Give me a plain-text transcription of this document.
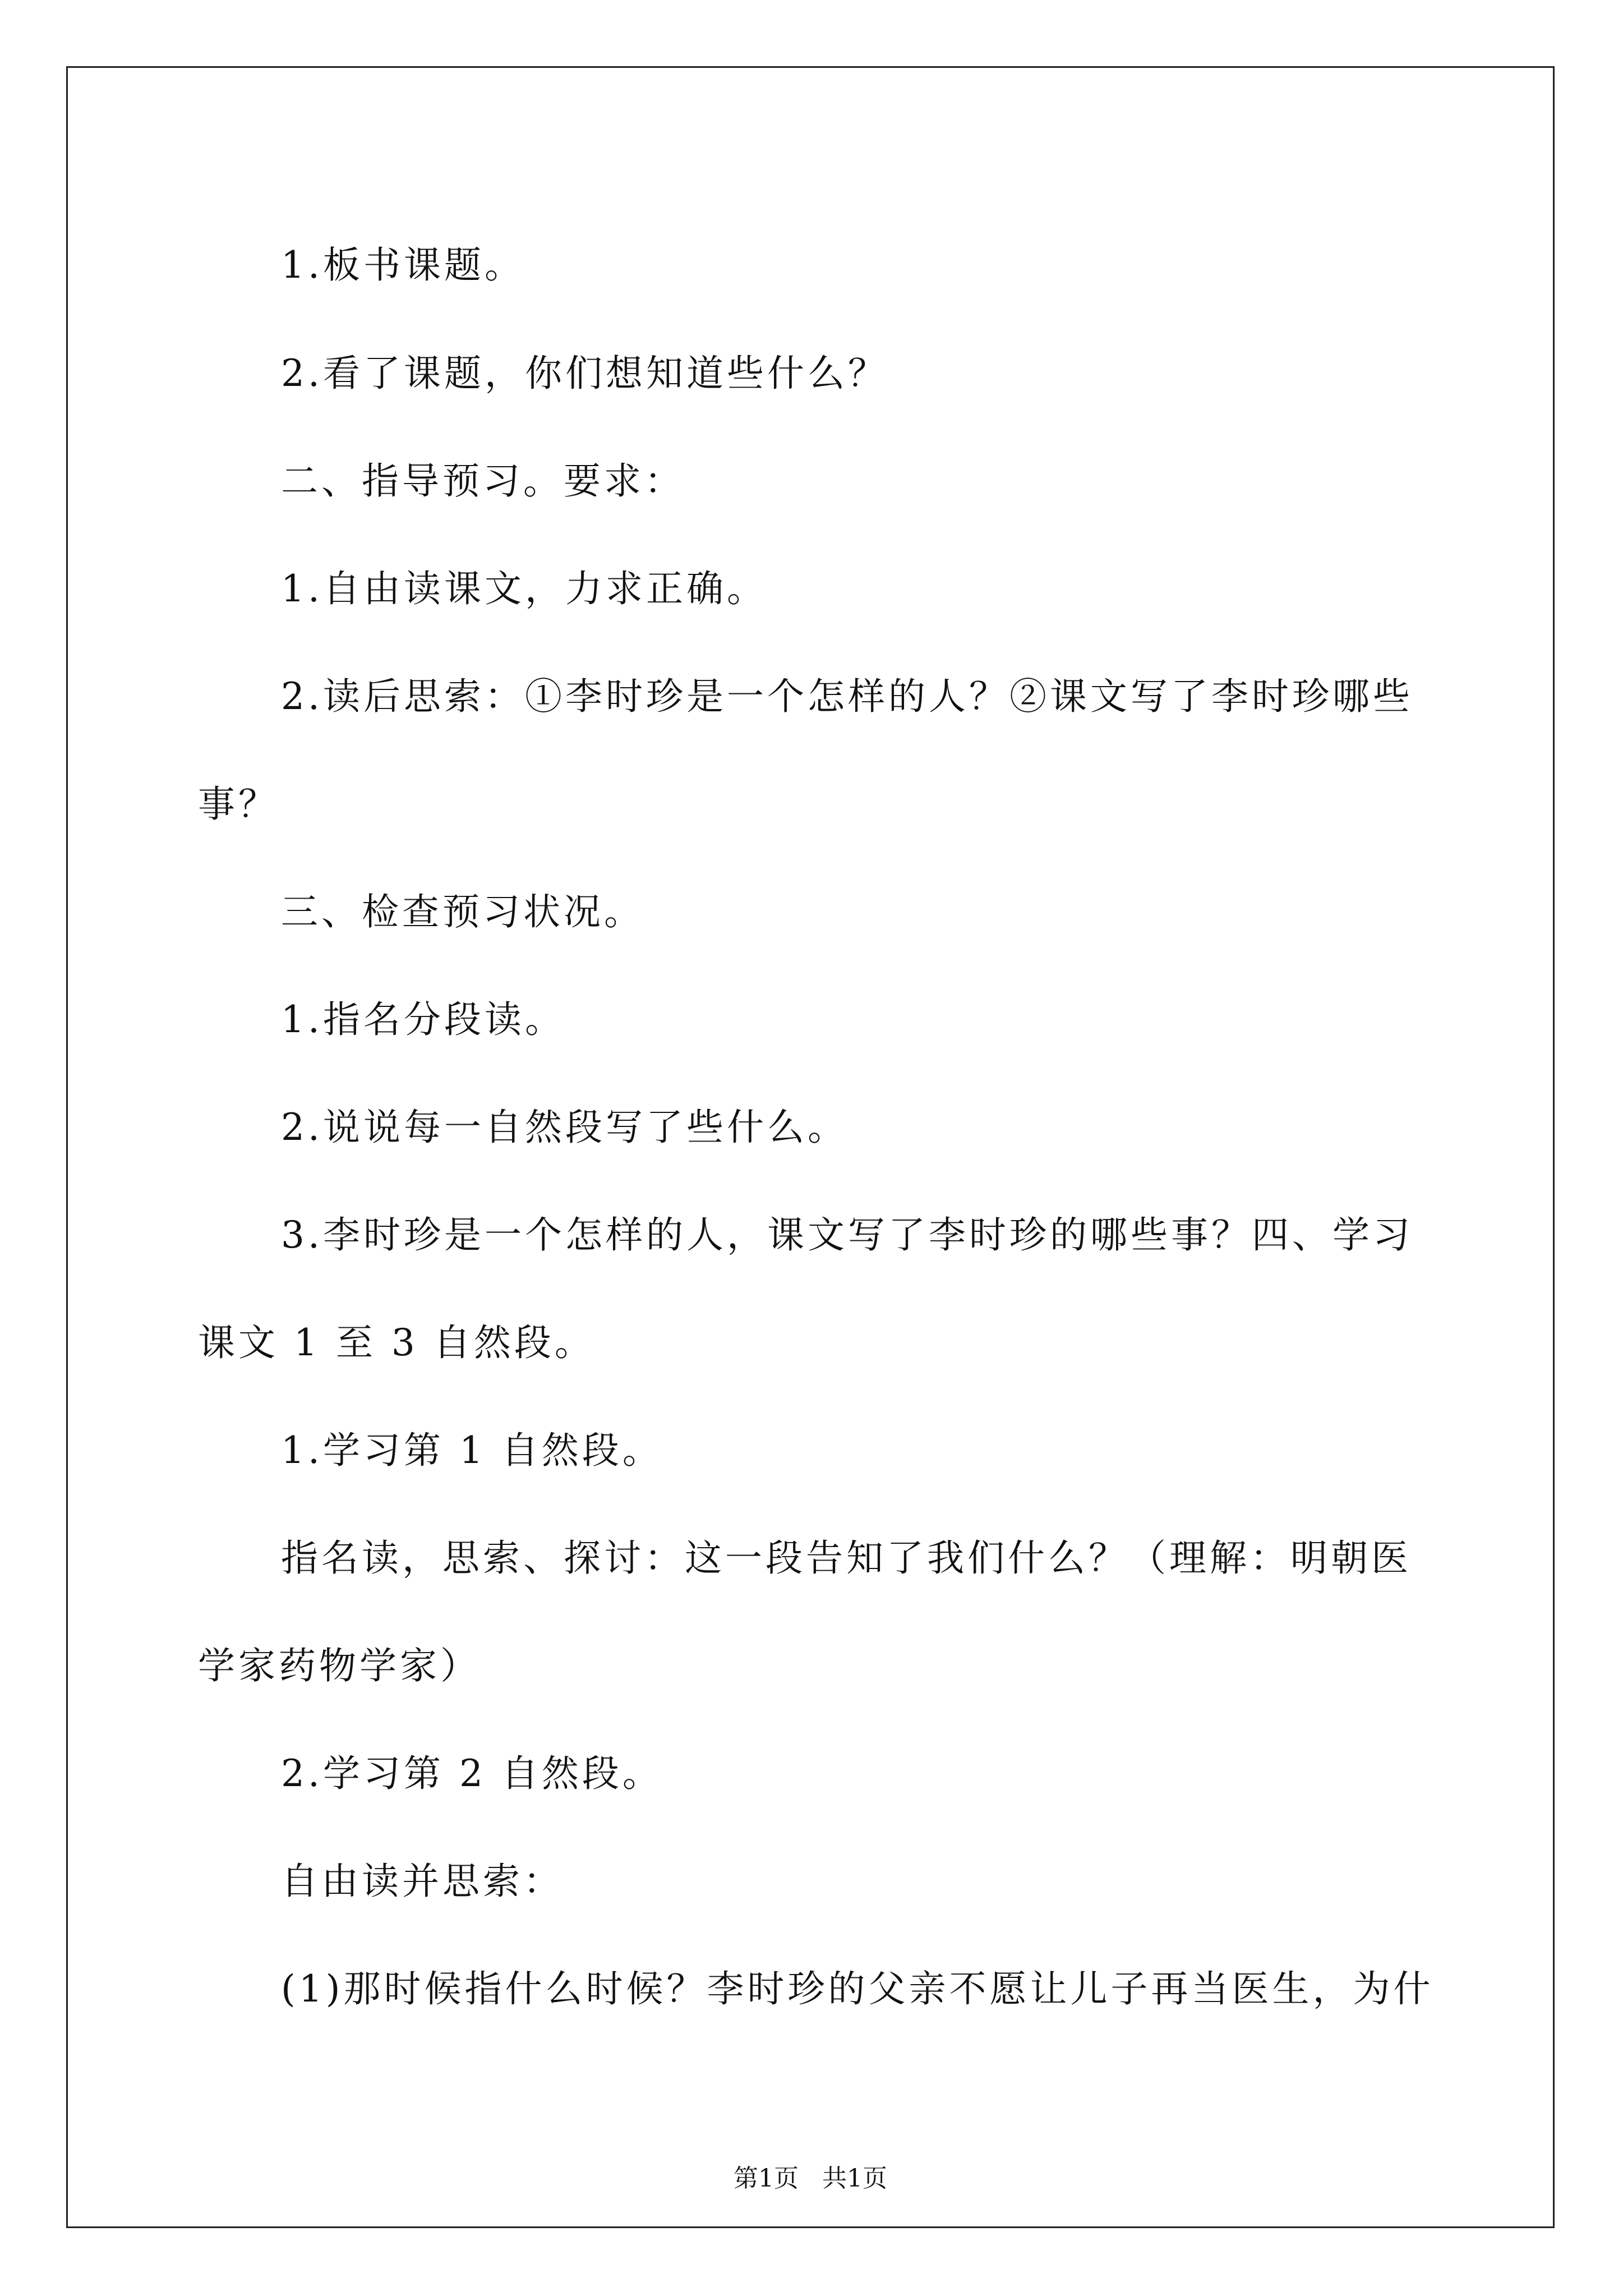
1.板书课题。
2.看了课题，你们想知道些什么？
二、指导预习。要求：
1.自由读课文，力求正确。
2.读后思索：①李时珍是一个怎样的人？②课文写了李时珍哪些
事？
三、检查预习状况。
1.指名分段读。
2.说说每一自然段写了些什么。
3.李时珍是一个怎样的人，课文写了李时珍的哪些事？四、学习
课文 1 至 3 自然段。
1.学习第 1 自然段。
指名读，思索、探讨：这一段告知了我们什么？（理解：明朝医
学家药物学家）
2.学习第 2 自然段。
自由读并思索：
(1)那时候指什么时候？李时珍的父亲不愿让儿子再当医生，为什
第1页   共1页
